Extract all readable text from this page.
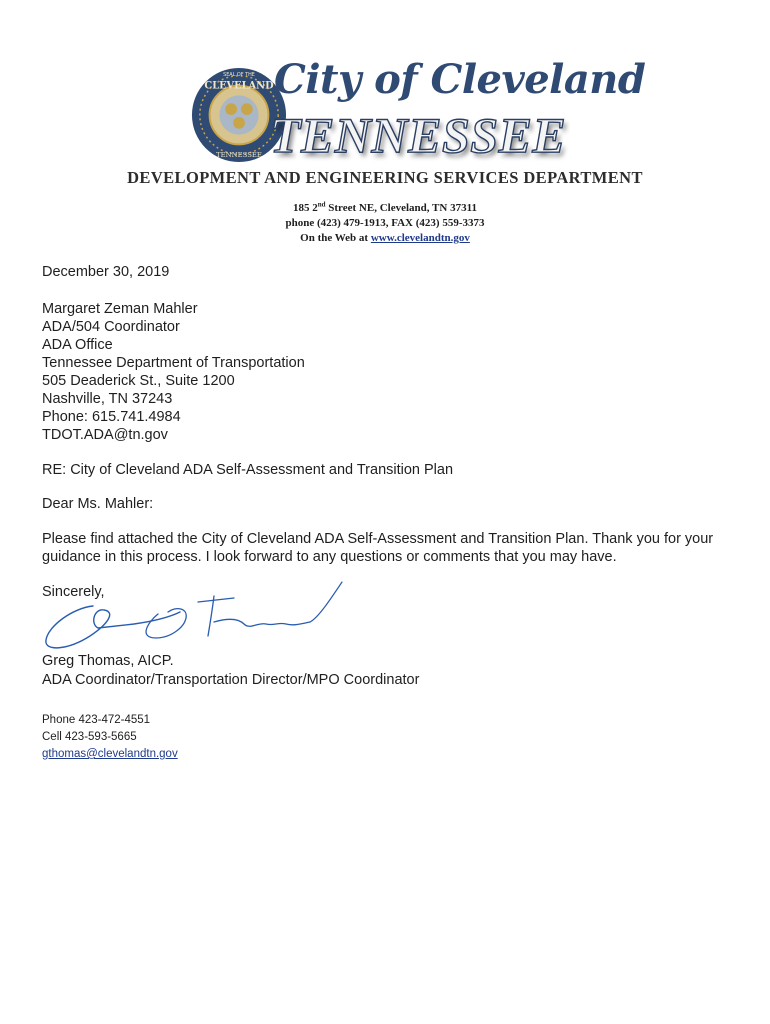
SEAL OF THE
CLEVELAND
TENNESSEE
City of Cleveland
TENNESSEE
DEVELOPMENT AND ENGINEERING SERVICES DEPARTMENT
185 2nd Street NE, Cleveland, TN 37311
phone (423) 479-1913, FAX (423) 559-3373
On the Web at www.clevelandtn.gov
December 30, 2019
Margaret Zeman Mahler
ADA/504 Coordinator
ADA Office
Tennessee Department of Transportation
505 Deaderick St., Suite 1200
Nashville, TN 37243
Phone: 615.741.4984
TDOT.ADA@tn.gov
RE: City of Cleveland ADA Self-Assessment and Transition Plan
Dear Ms. Mahler:
Please find attached the City of Cleveland ADA Self-Assessment and Transition Plan. Thank you for your guidance in this process. I look forward to any questions or comments that you may have.
Sincerely,
Greg Thomas, AICP.
ADA Coordinator/Transportation Director/MPO Coordinator
Phone 423-472-4551
Cell 423-593-5665
gthomas@clevelandtn.gov
